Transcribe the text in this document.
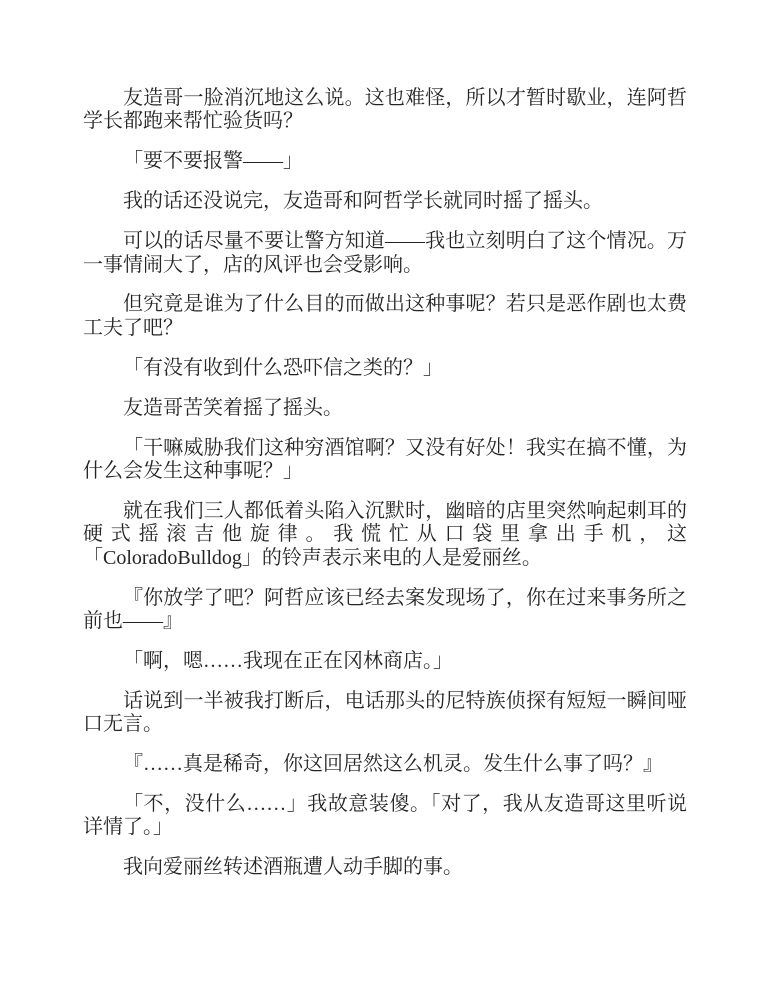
友造哥一脸消沉地这么说。这也难怪，所以才暂时歇业，连阿哲学长都跑来帮忙验货吗？

「要不要报警——」

我的话还没说完，友造哥和阿哲学长就同时摇了摇头。

可以的话尽量不要让警方知道——我也立刻明白了这个情况。万一事情闹大了，店的风评也会受影响。

但究竟是谁为了什么目的而做出这种事呢？若只是恶作剧也太费工夫了吧？

「有没有收到什么恐吓信之类的？」

友造哥苦笑着摇了摇头。

「干嘛威胁我们这种穷酒馆啊？又没有好处！我实在搞不懂，为什么会发生这种事呢？」

就在我们三人都低着头陷入沉默时，幽暗的店里突然响起刺耳的硬式摇滚吉他旋律。我慌忙从口袋里拿出手机，这「ColoradoBulldog」的铃声表示来电的人是爱丽丝。

『你放学了吧？阿哲应该已经去案发现场了，你在过来事务所之前也——』

「啊，嗯……我现在正在冈林商店。」

话说到一半被我打断后，电话那头的尼特族侦探有短短一瞬间哑口无言。

『……真是稀奇，你这回居然这么机灵。发生什么事了吗？』

「不，没什么……」我故意装傻。「对了，我从友造哥这里听说详情了。」

我向爱丽丝转述酒瓶遭人动手脚的事。
